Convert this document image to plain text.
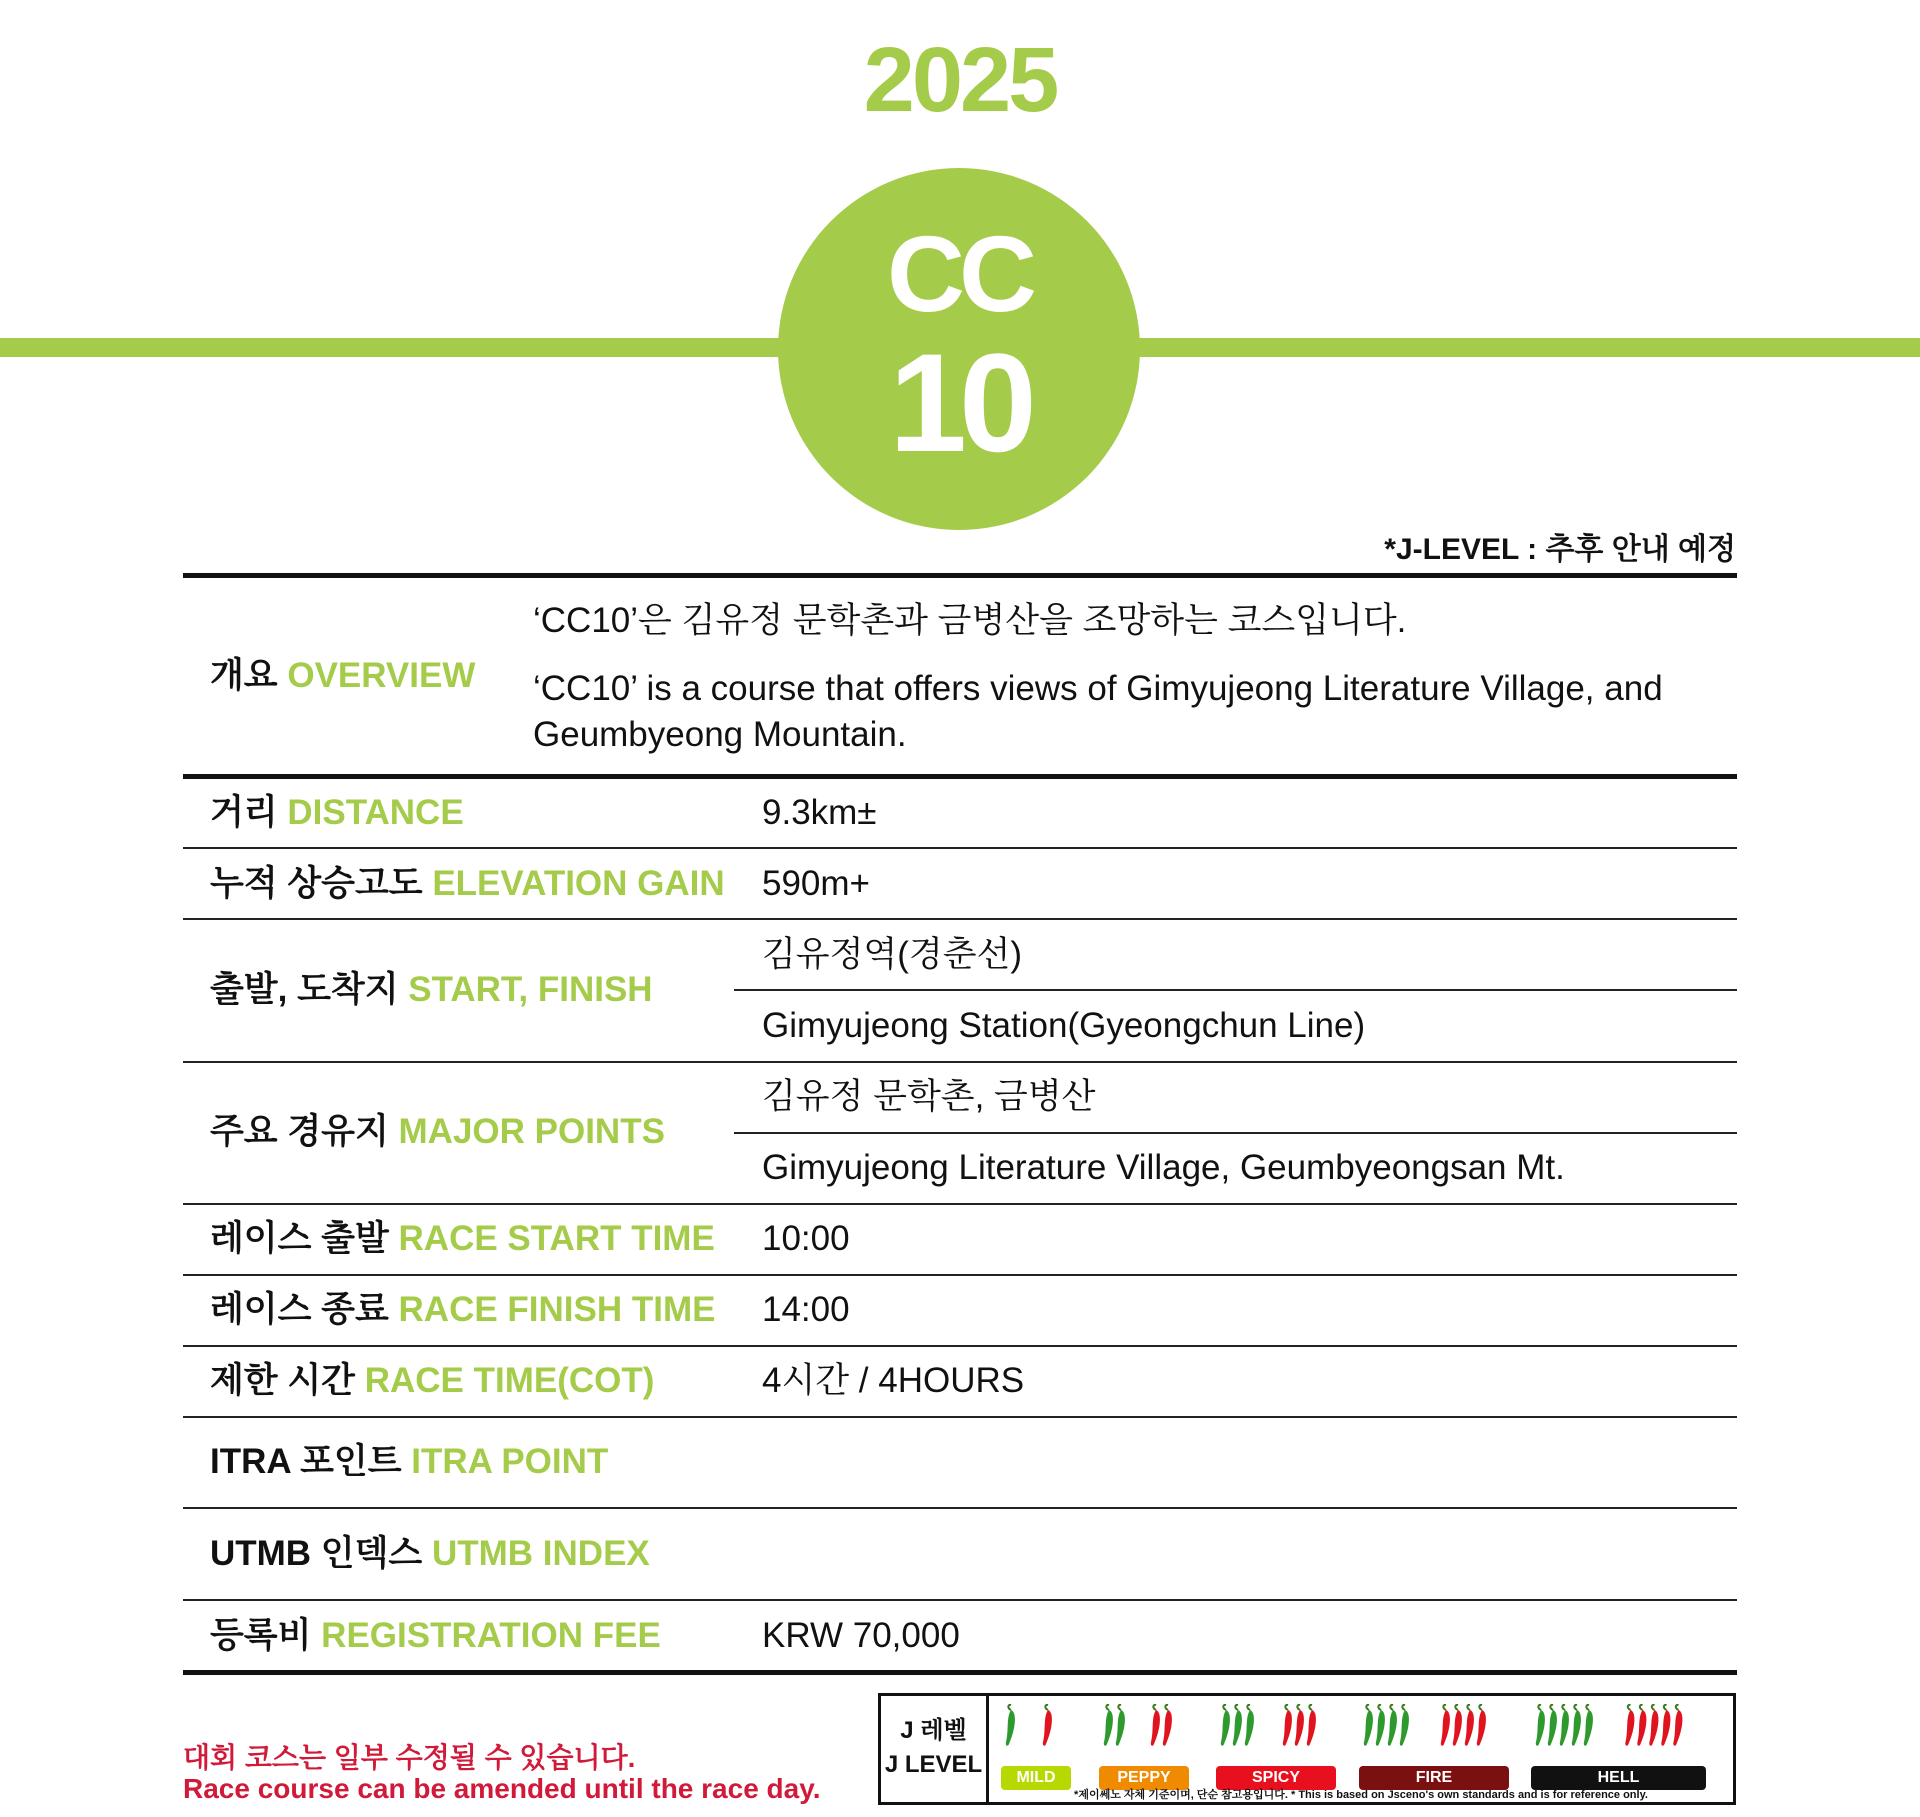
2025
CC
10
*J-LEVEL : 추후 안내 예정
개요 OVERVIEW
‘CC10’은 김유정 문학촌과 금병산을 조망하는 코스입니다.
‘CC10’ is a course that offers views of Gimyujeong Literature Village, and Geumbyeong Mountain.
거리 DISTANCE	9.3km±
누적 상승고도 ELEVATION GAIN 590m+
출발, 도착지 START, FINISH
김유정역(경춘선)
Gimyujeong Station(Gyeongchun Line)
주요 경유지 MAJOR POINTS
김유정 문학촌, 금병산
Gimyujeong Literature Village, Geumbyeongsan Mt.
레이스 출발 RACE START TIME 10:00
레이스 종료 RACE FINISH TIME 14:00
제한 시간 RACE TIME(COT)	4시간 / 4HOURS
ITRA 포인트 ITRA POINT
UTMB 인덱스 UTMB INDEX
등록비 REGISTRATION FEE	KRW 70,000
대회 코스는 일부 수정될 수 있습니다.
Race course can be amended until the race day.
J 레벨
J LEVEL	MILD	PEPPY	SPICY	FIRE	HELL
*제이쎄노 자체 기준이며, 단순 참고용입니다. * This is based on Jsceno's own standards and is for reference only.
